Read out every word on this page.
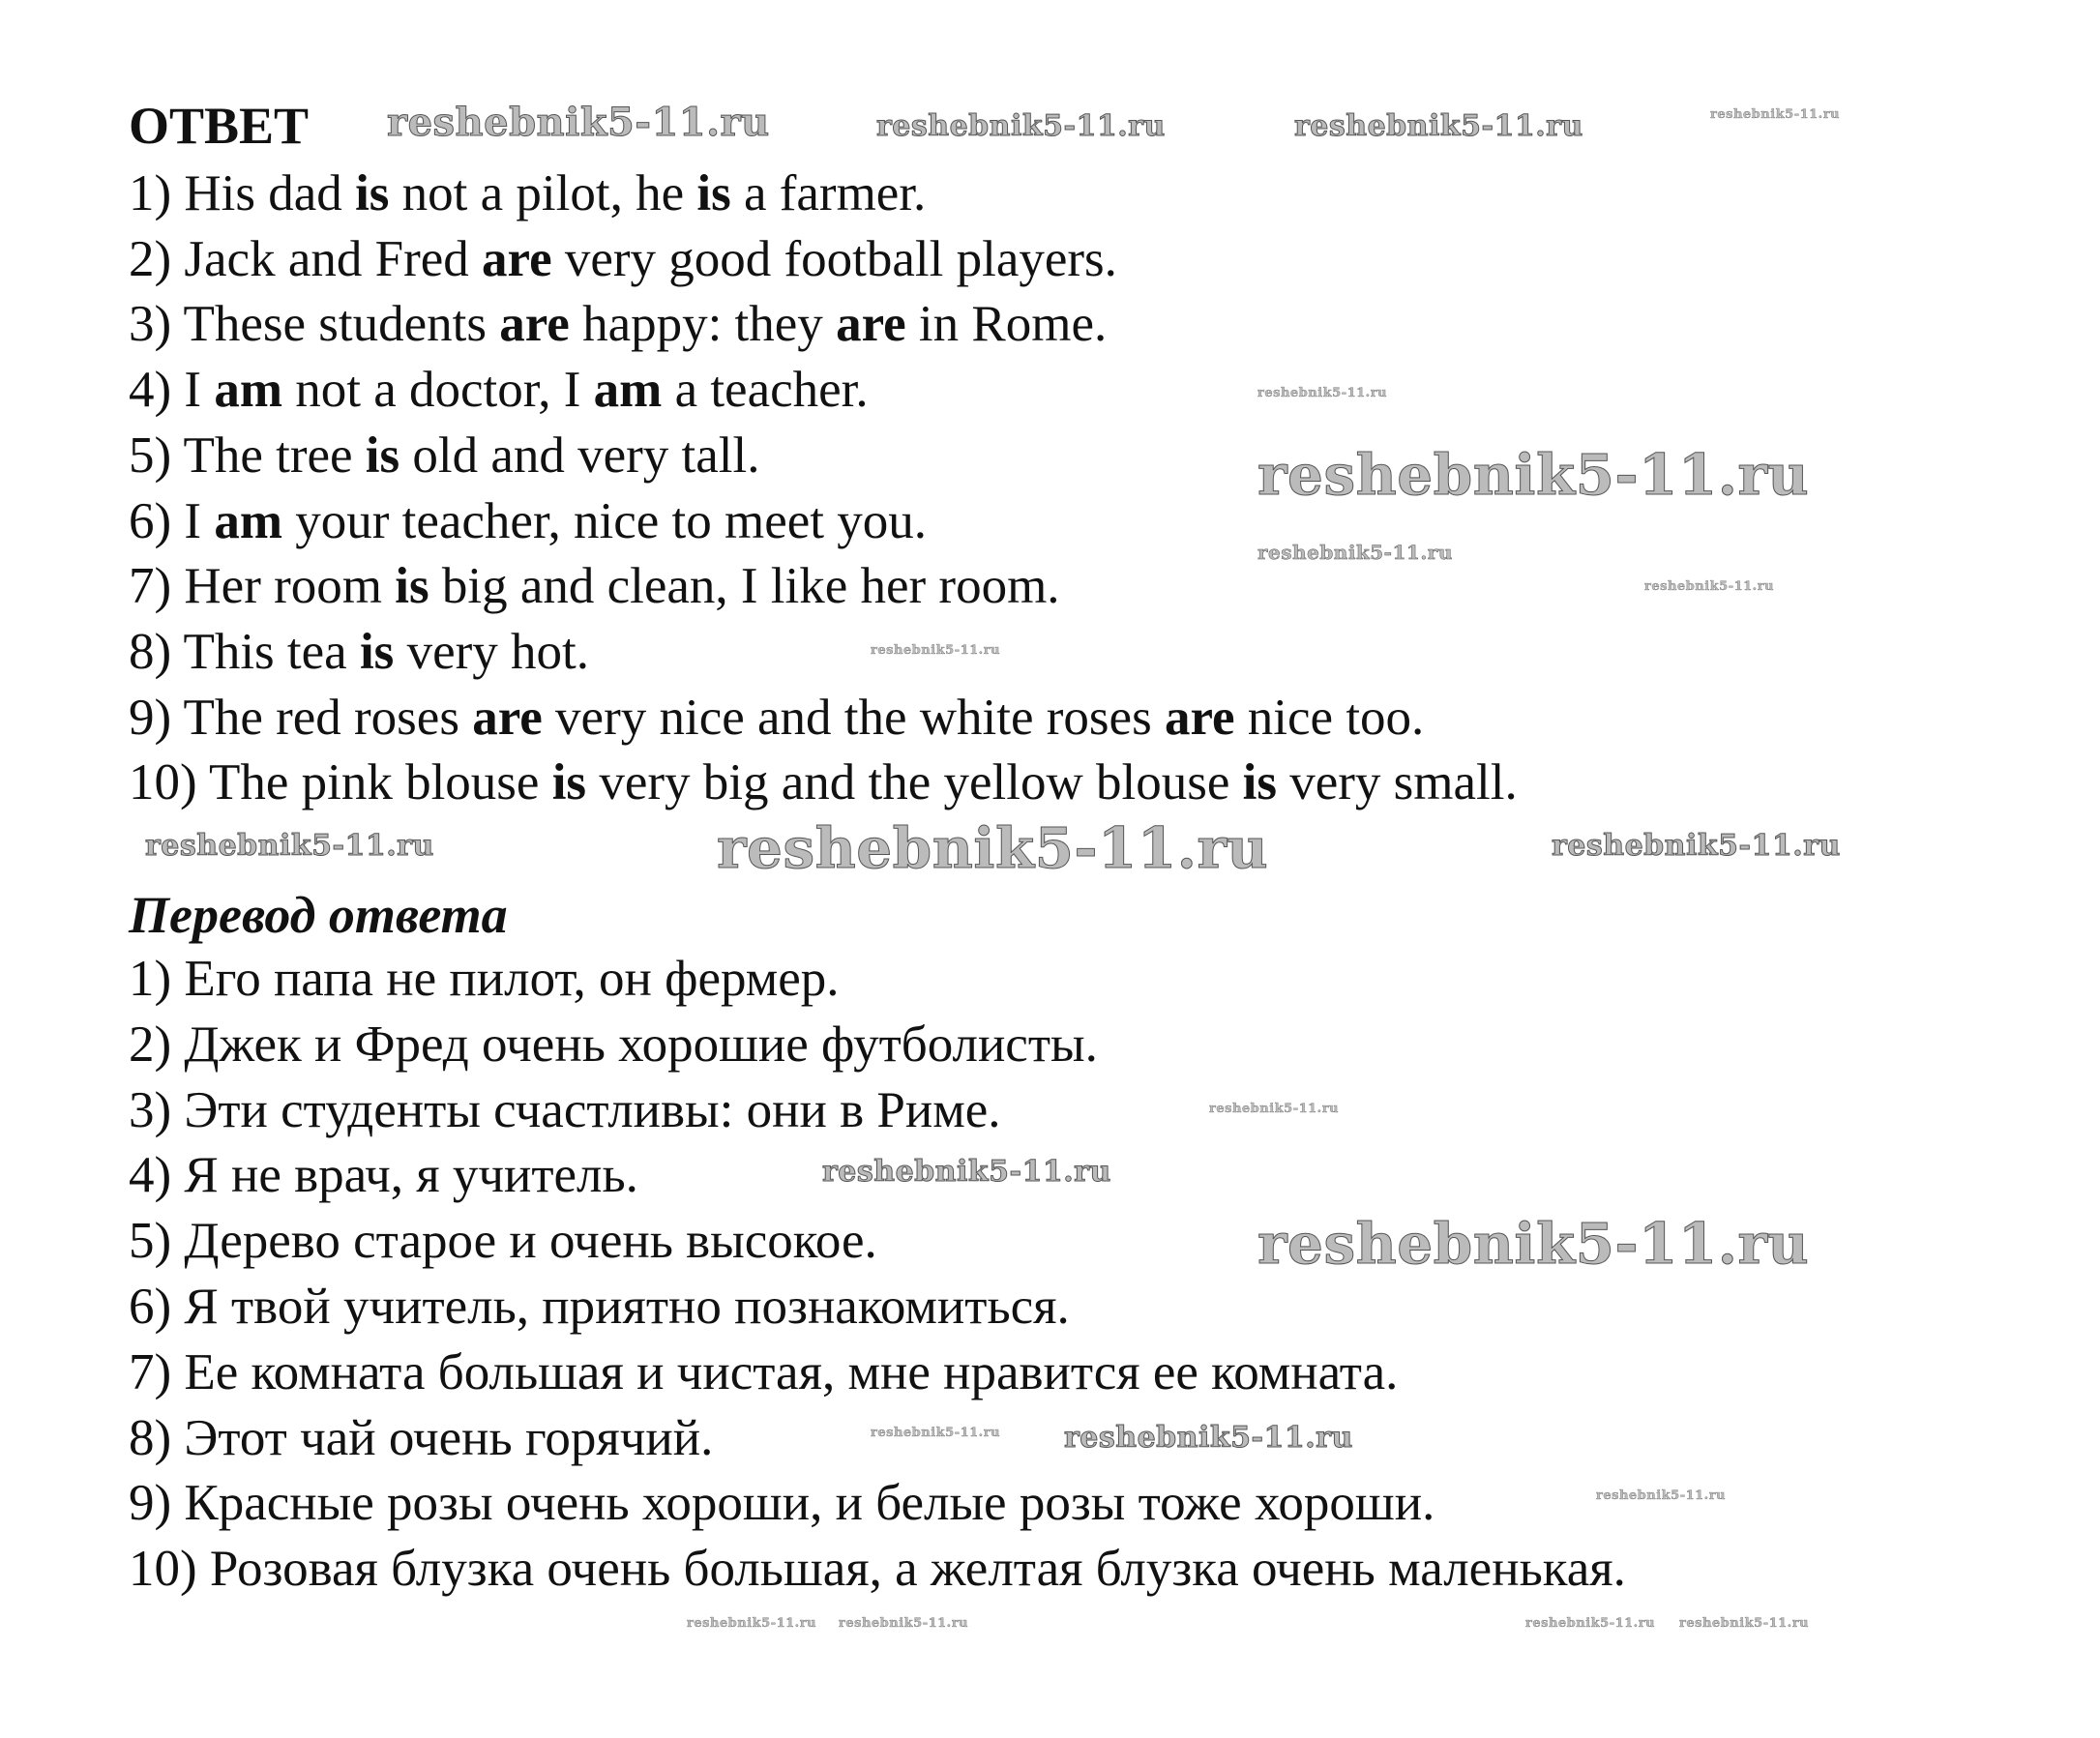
ОТВЕТ
1) His dad is not a pilot, he is a farmer.
2) Jack and Fred are very good football players.
3) These students are happy: they are in Rome.
4) I am not a doctor, I am a teacher.
5) The tree is old and very tall.
6) I am your teacher, nice to meet you.
7) Her room is big and clean, I like her room.
8) This tea is very hot.
9) The red roses are very nice and the white roses are nice too.
10) The pink blouse is very big and the yellow blouse is very small.
Перевод ответа
1) Его папа не пилот, он фермер.
2) Джек и Фред очень хорошие футболисты.
3) Эти студенты счастливы: они в Риме.
4) Я не врач, я учитель.
5) Дерево старое и очень высокое.
6) Я твой учитель, приятно познакомиться.
7) Ее комната большая и чистая, мне нравится ее комната.
8) Этот чай очень горячий.
9) Красные розы очень хороши, и белые розы тоже хороши.
10) Розовая блузка очень большая, а желтая блузка очень маленькая.
reshebnik5-11.ru	reshebnik5-11.ru	reshebnik5-11.ru	reshebnik5-11.ru
reshebnik5-11.ru
reshebnik5-11.ru
reshebnik5-11.ru
reshebnik5-11.ru
reshebnik5-11.ru
reshebnik5-11.ru	reshebnik5-11.ru
reshebnik5-11.ru
reshebnik5-11.ru
reshebnik5-11.ru
reshebnik5-11.ru
reshebnik5-11.ru reshebnik5-11.ru
reshebnik5-11.ru
reshebnik5-11.ru reshebnik5-11.ru	reshebnik5-11.ru reshebnik5-11.ru
